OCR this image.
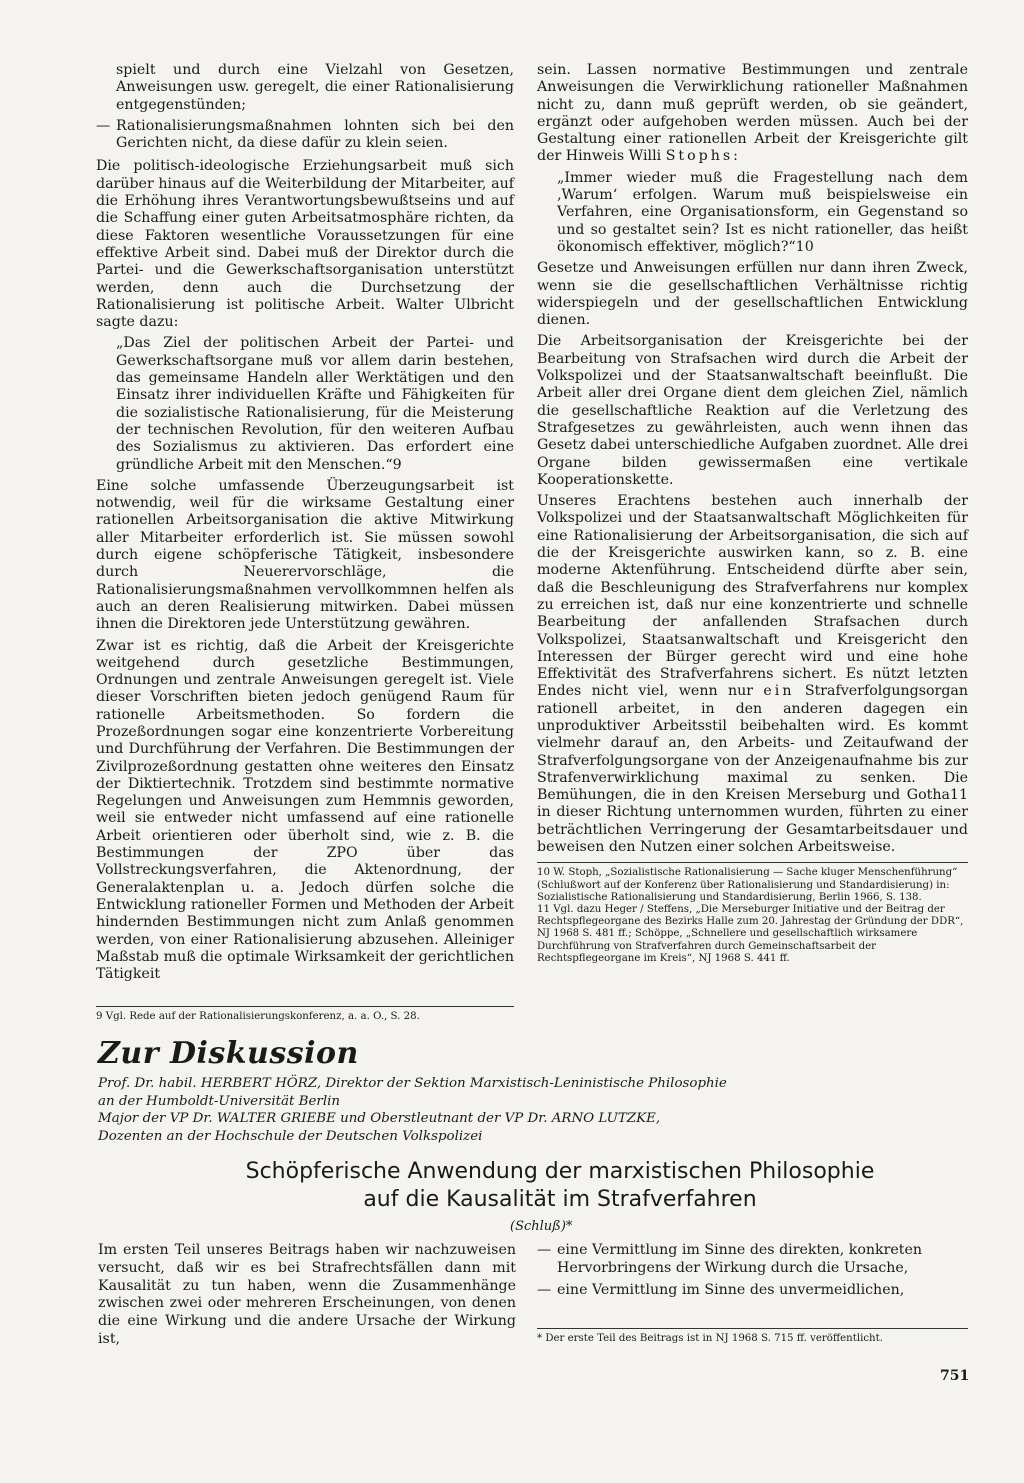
spielt und durch eine Vielzahl von Gesetzen, Anweisungen usw. geregelt, die einer Rationalisierung entgegenstünden;

— Rationalisierungsmaßnahmen lohnten sich bei den Gerichten nicht, da diese dafür zu klein seien.

Die politisch-ideologische Erziehungsarbeit muß sich darüber hinaus auf die Weiterbildung der Mitarbeiter, auf die Erhöhung ihres Verantwortungsbewußtseins und auf die Schaffung einer guten Arbeitsatmosphäre richten, da diese Faktoren wesentliche Voraussetzungen für eine effektive Arbeit sind. Dabei muß der Direktor durch die Partei- und die Gewerkschaftsorganisation unterstützt werden, denn auch die Durchsetzung der Rationalisierung ist politische Arbeit. Walter Ulbricht sagte dazu:

„Das Ziel der politischen Arbeit der Partei- und Gewerkschaftsorgane muß vor allem darin bestehen, das gemeinsame Handeln aller Werktätigen und den Einsatz ihrer individuellen Kräfte und Fähigkeiten für die sozialistische Rationalisierung, für die Meisterung der technischen Revolution, für den weiteren Aufbau des Sozialismus zu aktivieren. Das erfordert eine gründliche Arbeit mit den Menschen.“9

Eine solche umfassende Überzeugungsarbeit ist notwendig, weil für die wirksame Gestaltung einer rationellen Arbeitsorganisation die aktive Mitwirkung aller Mitarbeiter erforderlich ist. Sie müssen sowohl durch eigene schöpferische Tätigkeit, insbesondere durch Neuerervorschläge, die Rationalisierungsmaßnahmen vervollkommnen helfen als auch an deren Realisierung mitwirken. Dabei müssen ihnen die Direktoren jede Unterstützung gewähren.

Zwar ist es richtig, daß die Arbeit der Kreisgerichte weitgehend durch gesetzliche Bestimmungen, Ordnungen und zentrale Anweisungen geregelt ist. Viele dieser Vorschriften bieten jedoch genügend Raum für rationelle Arbeitsmethoden. So fordern die Prozeßordnungen sogar eine konzentrierte Vorbereitung und Durchführung der Verfahren. Die Bestimmungen der Zivilprozeßordnung gestatten ohne weiteres den Einsatz der Diktiertechnik. Trotzdem sind bestimmte normative Regelungen und Anweisungen zum Hemmnis geworden, weil sie entweder nicht umfassend auf eine rationelle Arbeit orientieren oder überholt sind, wie z. B. die Bestimmungen der ZPO über das Vollstreckungsverfahren, die Aktenordnung, der Generalaktenplan u. a. Jedoch dürfen solche die Entwicklung rationeller Formen und Methoden der Arbeit hindernden Bestimmungen nicht zum Anlaß genommen werden, von einer Rationalisierung abzusehen. Alleiniger Maßstab muß die optimale Wirksamkeit der gerichtlichen Tätigkeit

9 Vgl. Rede auf der Rationalisierungskonferenz, a. a. O., S. 28.

sein. Lassen normative Bestimmungen und zentrale Anweisungen die Verwirklichung rationeller Maßnahmen nicht zu, dann muß geprüft werden, ob sie geändert, ergänzt oder aufgehoben werden müssen. Auch bei der Gestaltung einer rationellen Arbeit der Kreisgerichte gilt der Hinweis Willi Stophs:

„Immer wieder muß die Fragestellung nach dem ‚Warum‘ erfolgen. Warum muß beispielsweise ein Verfahren, eine Organisationsform, ein Gegenstand so und so gestaltet sein? Ist es nicht rationeller, das heißt ökonomisch effektiver, möglich?“10

Gesetze und Anweisungen erfüllen nur dann ihren Zweck, wenn sie die gesellschaftlichen Verhältnisse richtig widerspiegeln und der gesellschaftlichen Entwicklung dienen.

Die Arbeitsorganisation der Kreisgerichte bei der Bearbeitung von Strafsachen wird durch die Arbeit der Volkspolizei und der Staatsanwaltschaft beeinflußt. Die Arbeit aller drei Organe dient dem gleichen Ziel, nämlich die gesellschaftliche Reaktion auf die Verletzung des Strafgesetzes zu gewährleisten, auch wenn ihnen das Gesetz dabei unterschiedliche Aufgaben zuordnet. Alle drei Organe bilden gewissermaßen eine vertikale Kooperationskette.

Unseres Erachtens bestehen auch innerhalb der Volkspolizei und der Staatsanwaltschaft Möglichkeiten für eine Rationalisierung der Arbeitsorganisation, die sich auf die der Kreisgerichte auswirken kann, so z. B. eine moderne Aktenführung. Entscheidend dürfte aber sein, daß die Beschleunigung des Strafverfahrens nur komplex zu erreichen ist, daß nur eine konzentrierte und schnelle Bearbeitung der anfallenden Strafsachen durch Volkspolizei, Staatsanwaltschaft und Kreisgericht den Interessen der Bürger gerecht wird und eine hohe Effektivität des Strafverfahrens sichert. Es nützt letzten Endes nicht viel, wenn nur ein Strafverfolgungsorgan rationell arbeitet, in den anderen dagegen ein unproduktiver Arbeitsstil beibehalten wird. Es kommt vielmehr darauf an, den Arbeits- und Zeitaufwand der Strafverfolgungsorgane von der Anzeigenaufnahme bis zur Strafenverwirklichung maximal zu senken. Die Bemühungen, die in den Kreisen Merseburg und Gotha11 in dieser Richtung unternommen wurden, führten zu einer beträchtlichen Verringerung der Gesamtarbeitsdauer und beweisen den Nutzen einer solchen Arbeitsweise.

10 W. Stoph, „Sozialistische Rationalisierung — Sache kluger Menschenführung“ (Schlußwort auf der Konferenz über Rationalisierung und Standardisierung) in: Sozialistische Rationalisierung und Standardisierung, Berlin 1966, S. 138.
11 Vgl. dazu Heger / Steffens, „Die Merseburger Initiative und der Beitrag der Rechtspflegeorgane des Bezirks Halle zum 20. Jahrestag der Gründung der DDR“, NJ 1968 S. 481 ff.; Schöppe, „Schnellere und gesellschaftlich wirksamere Durchführung von Strafverfahren durch Gemeinschaftsarbeit der Rechtspflegeorgane im Kreis“, NJ 1968 S. 441 ff.
Zur Diskussion
Prof. Dr. habil. HERBERT HÖRZ, Direktor der Sektion Marxistisch-Leninistische Philosophie
an der Humboldt-Universität Berlin
Major der VP Dr. WALTER GRIEBE und Oberstleutnant der VP Dr. ARNO LUTZKE,
Dozenten an der Hochschule der Deutschen Volkspolizei
Schöpferische Anwendung der marxistischen Philosophie
auf die Kausalität im Strafverfahren
(Schluß)*
Im ersten Teil unseres Beitrags haben wir nachzuweisen versucht, daß wir es bei Strafrechtsfällen dann mit Kausalität zu tun haben, wenn die Zusammenhänge zwischen zwei oder mehreren Erscheinungen, von denen die eine Wirkung und die andere Ursache der Wirkung ist,
— eine Vermittlung im Sinne des direkten, konkreten Hervorbringens der Wirkung durch die Ursache,
— eine Vermittlung im Sinne des unvermeidlichen,
* Der erste Teil des Beitrags ist in NJ 1968 S. 715 ff. veröffentlicht.
751
